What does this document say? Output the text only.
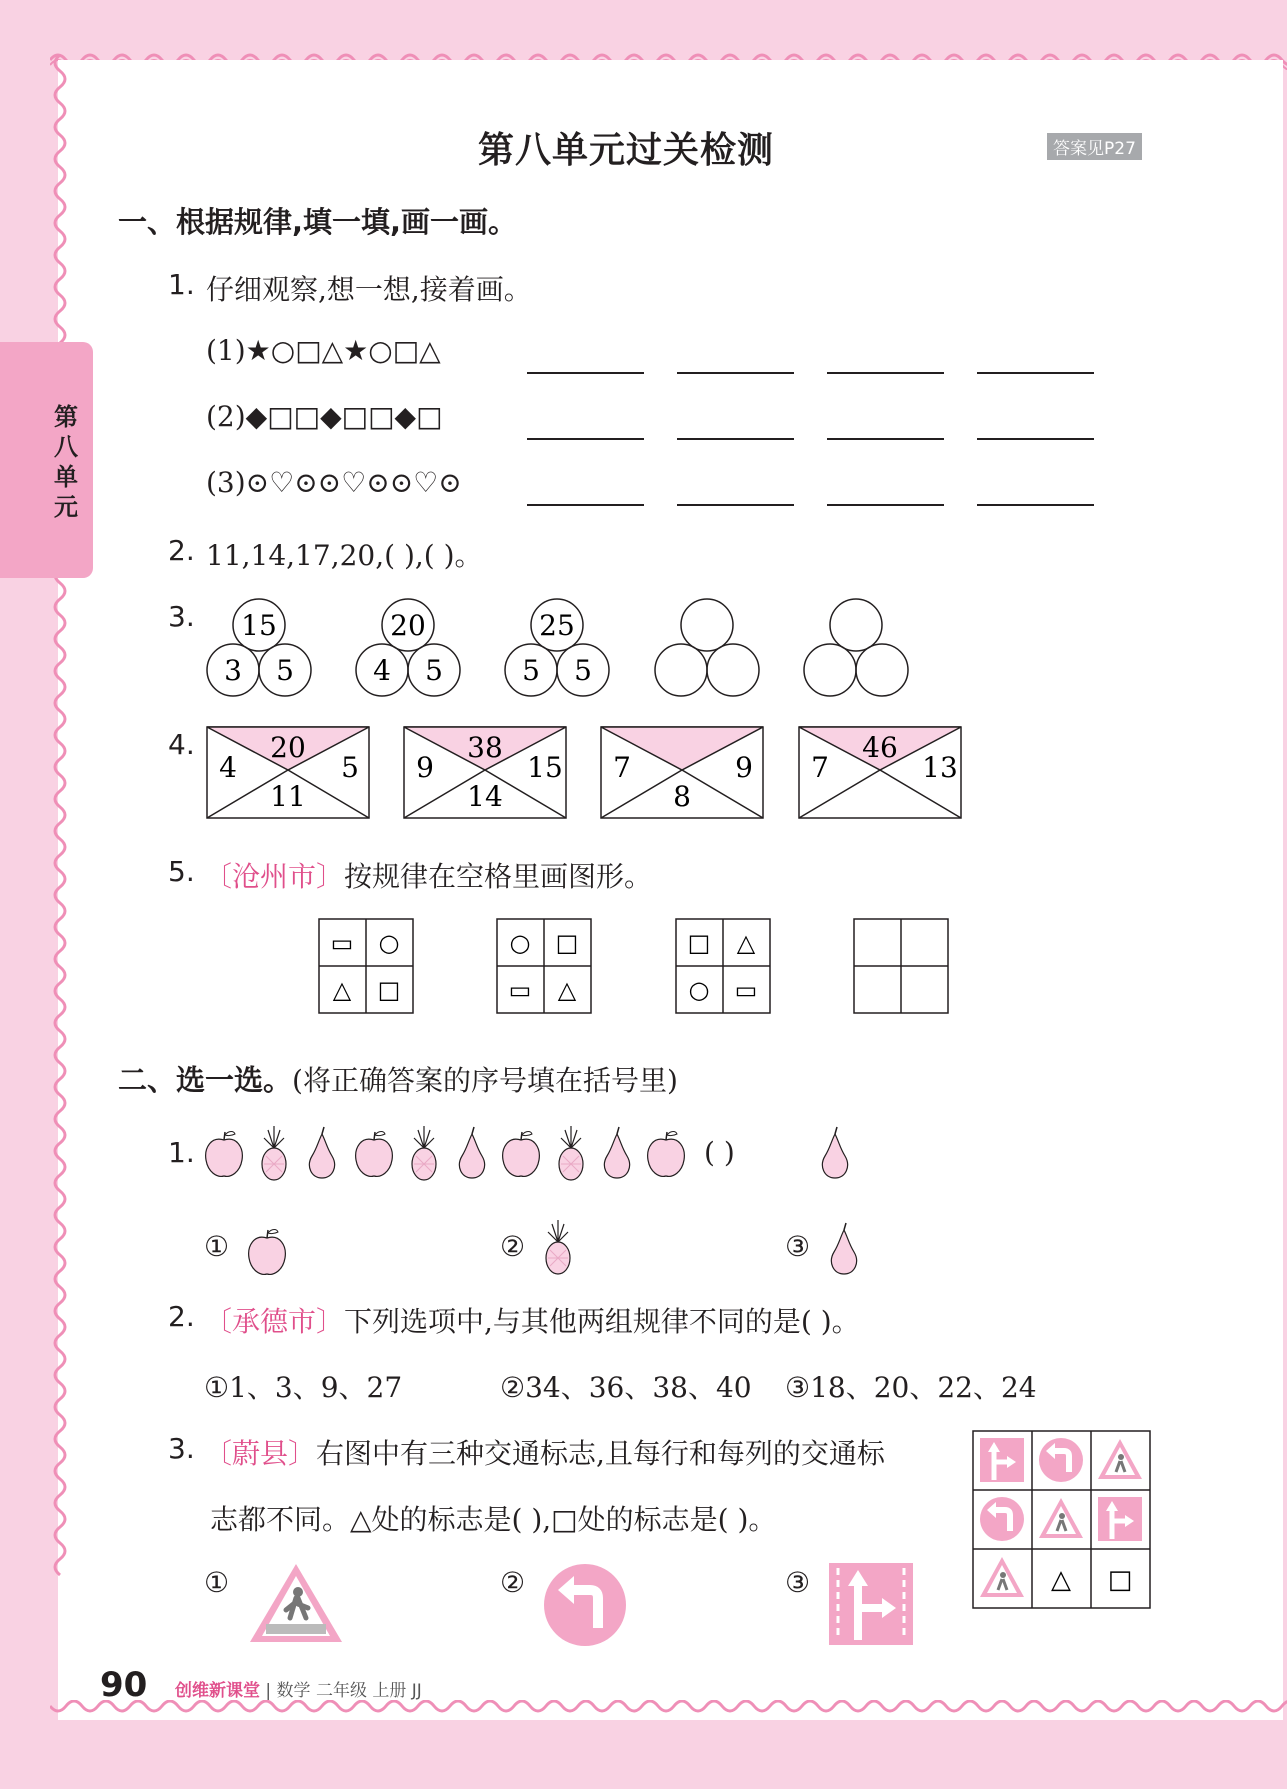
第八单元
第八单元过关检测	答案见P27
一、根据规律,填一填,画一画。
1. 仔细观察,想一想,接着画。
(1)★○□△★○□△
(2)◆□□◆□□◆□
(3)⊙♡⊙⊙♡⊙⊙♡⊙
2. 11,14,17,20,( ),( )。
3. 15
3 5
20
4 5
25
5 5
4.	20
4	5
11
38
9	15
14
7	9
8
46
7	13
5. 〔沧州市〕按规律在空格里画图形。
▭ ○
△ □
○ □
▭ △
□ △
○ ▭
二、选一选。(将正确答案的序号填在括号里)
1.	( )
①	②	③
2. 〔承德市〕下列选项中,与其他两组规律不同的是( )。
①1、3、9、27	②34、36、38、40 ③18、20、22、24
3. 〔蔚县〕右图中有三种交通标志,且每行和每列的交通标
志都不同。△处的标志是( ),□处的标志是( )。
①	②	③	△ □
90 创维新课堂 | 数学 二年级 上册 JJ
